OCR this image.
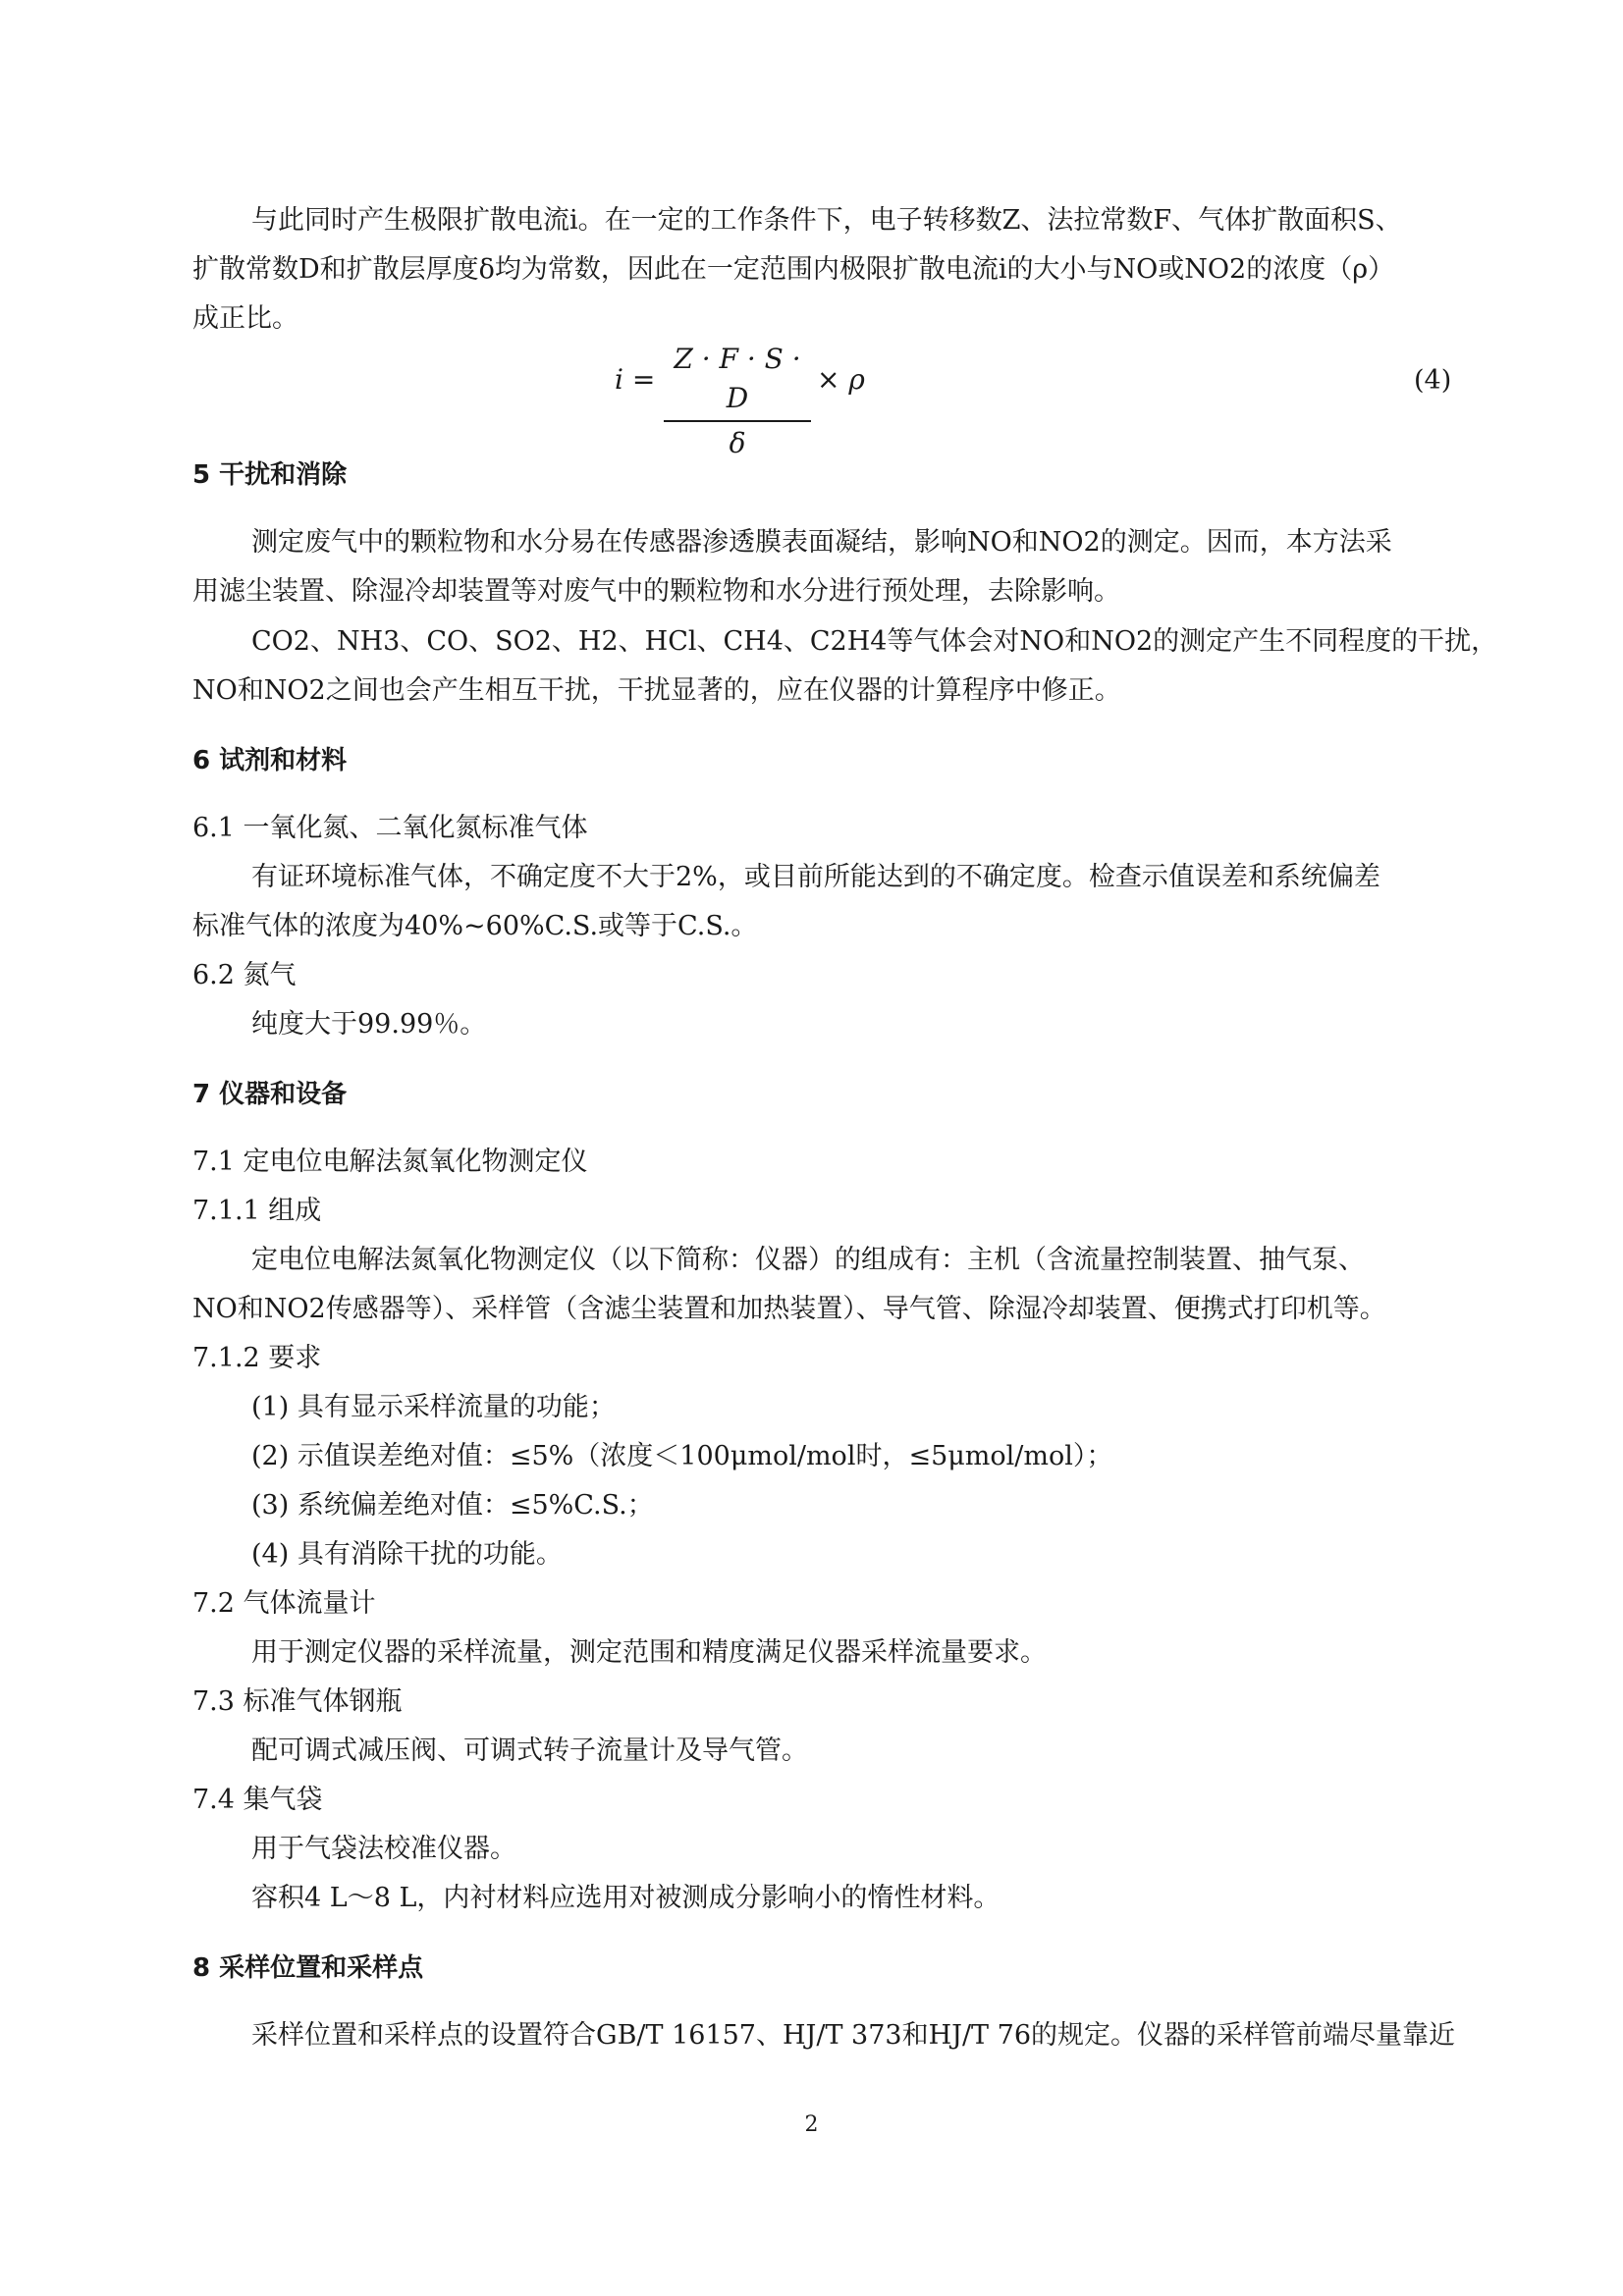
与此同时产生极限扩散电流i。在一定的工作条件下，电子转移数Z、法拉常数F、气体扩散面积S、
扩散常数D和扩散层厚度δ均为常数，因此在一定范围内极限扩散电流i的大小与NO或NO2的浓度（ρ）
成正比。
i =
Z · F · S · D
δ
× ρ	(4)
5 干扰和消除
测定废气中的颗粒物和水分易在传感器渗透膜表面凝结，影响NO和NO2的测定。因而，本方法采
用滤尘装置、除湿冷却装置等对废气中的颗粒物和水分进行预处理，去除影响。
CO2、NH3、CO、SO2、H2、HCl、CH4、C2H4等气体会对NO和NO2的测定产生不同程度的干扰，
NO和NO2之间也会产生相互干扰，干扰显著的，应在仪器的计算程序中修正。
6 试剂和材料
6.1 一氧化氮、二氧化氮标准气体
有证环境标准气体，不确定度不大于2%，或目前所能达到的不确定度。检查示值误差和系统偏差
标准气体的浓度为40%~60%C.S.或等于C.S.。
6.2 氮气
纯度大于99.99％。
7 仪器和设备
7.1 定电位电解法氮氧化物测定仪
7.1.1 组成
定电位电解法氮氧化物测定仪（以下简称：仪器）的组成有：主机（含流量控制装置、抽气泵、
NO和NO2传感器等）、采样管（含滤尘装置和加热装置）、导气管、除湿冷却装置、便携式打印机等。
7.1.2 要求
(1) 具有显示采样流量的功能；
(2) 示值误差绝对值：≤5%（浓度＜100μmol/mol时，≤5μmol/mol）；
(3) 系统偏差绝对值：≤5%C.S.；
(4) 具有消除干扰的功能。
7.2 气体流量计
用于测定仪器的采样流量，测定范围和精度满足仪器采样流量要求。
7.3 标准气体钢瓶
配可调式减压阀、可调式转子流量计及导气管。
7.4 集气袋
用于气袋法校准仪器。
容积4 L～8 L，内衬材料应选用对被测成分影响小的惰性材料。
8 采样位置和采样点
采样位置和采样点的设置符合GB/T 16157、HJ/T 373和HJ/T 76的规定。仪器的采样管前端尽量靠近
2
